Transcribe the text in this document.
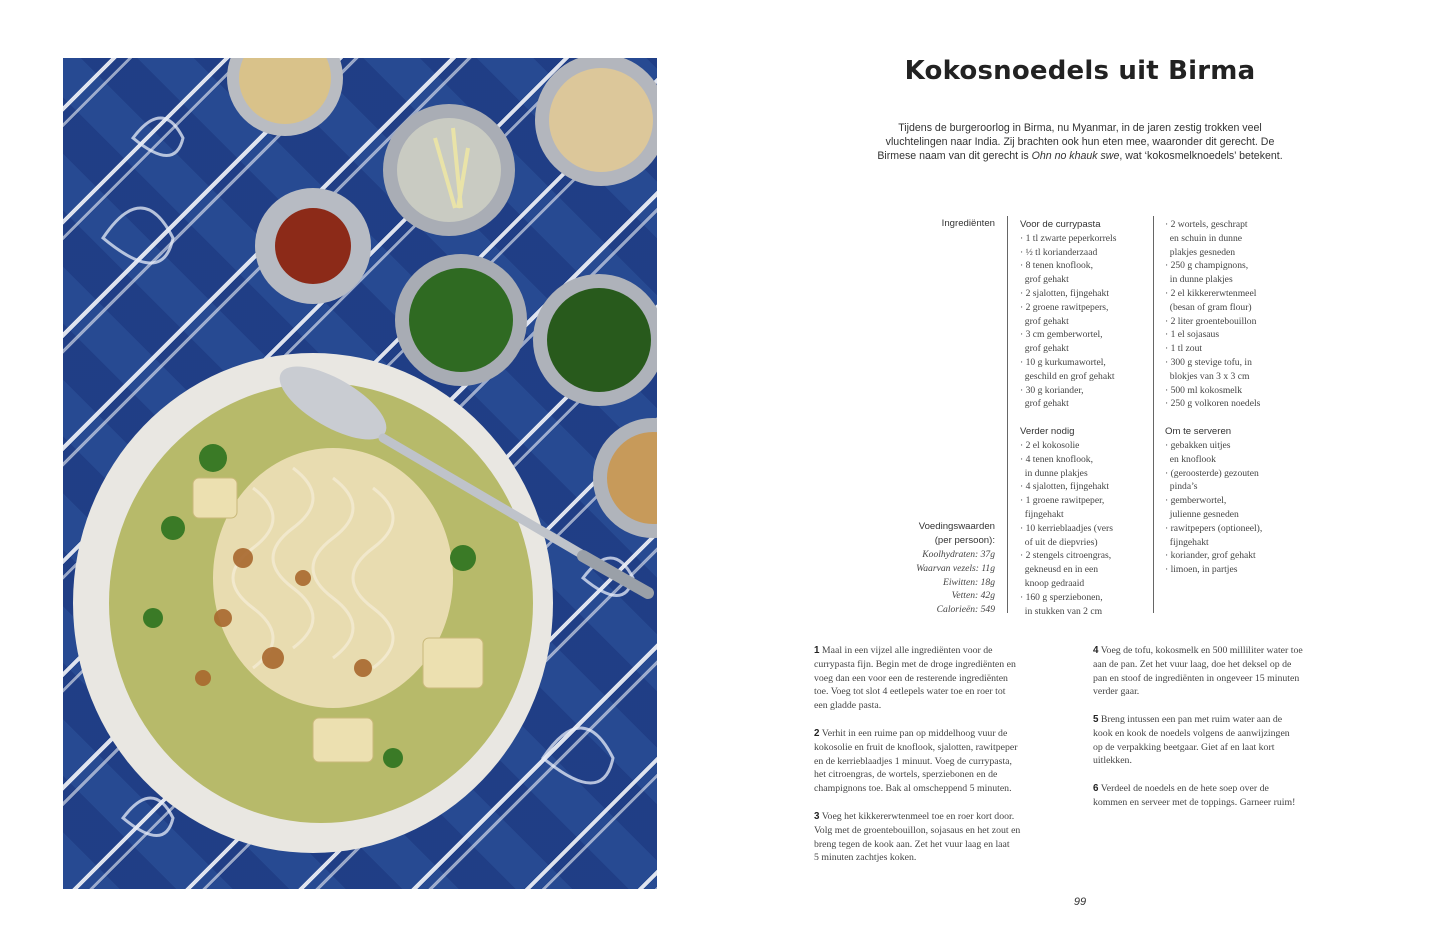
Kokosnoedels uit Birma
Tijdens de burgeroorlog in Birma, nu Myanmar, in de jaren zestig trokken veel
vluchtelingen naar India. Zij brachten ook hun eten mee, waaronder dit gerecht. De
Birmese naam van dit gerecht is Ohn no khauk swe, wat ‘kokosmelknoedels’ betekent.
Ingrediënten
Voedingswaarden
(per persoon):
Koolhydraten: 37g
Waarvan vezels: 11g
Eiwitten: 18g
Vetten: 42g
Calorieën: 549
Voor de currypasta
· 1 tl zwarte peperkorrels
· ½ tl korianderzaad
· 8 tenen knoflook,
grof gehakt
· 2 sjalotten, fijngehakt
· 2 groene rawitpepers,
grof gehakt
· 3 cm gemberwortel,
grof gehakt
· 10 g kurkumawortel,
geschild en grof gehakt
· 30 g koriander,
grof gehakt
Verder nodig
· 2 el kokosolie
· 4 tenen knoflook,
in dunne plakjes
· 4 sjalotten, fijngehakt
· 1 groene rawitpeper,
fijngehakt
· 10 kerrieblaadjes (vers
of uit de diepvries)
· 2 stengels citroengras,
gekneusd en in een
knoop gedraaid
· 160 g sperziebonen,
in stukken van 2 cm
· 2 wortels, geschrapt
en schuin in dunne
plakjes gesneden
· 250 g champignons,
in dunne plakjes
· 2 el kikkererwtenmeel
(besan of gram flour)
· 2 liter groentebouillon
· 1 el sojasaus
· 1 tl zout
· 300 g stevige tofu, in
blokjes van 3 x 3 cm
· 500 ml kokosmelk
· 250 g volkoren noedels
Om te serveren
· gebakken uitjes
en knoflook
· (geroosterde) gezouten
pinda’s
· gemberwortel,
julienne gesneden
· rawitpepers (optioneel),
fijngehakt
· koriander, grof gehakt
· limoen, in partjes
1 Maal in een vijzel alle ingrediënten voor de
currypasta fijn. Begin met de droge ingrediënten en
voeg dan een voor een de resterende ingrediënten
toe. Voeg tot slot 4 eetlepels water toe en roer tot
een gladde pasta.
2 Verhit in een ruime pan op middelhoog vuur de
kokosolie en fruit de knoflook, sjalotten, rawitpeper
en de kerrieblaadjes 1 minuut. Voeg de currypasta,
het citroengras, de wortels, sperziebonen en de
champignons toe. Bak al omscheppend 5 minuten.
3 Voeg het kikkererwtenmeel toe en roer kort door.
Volg met de groentebouillon, sojasaus en het zout en
breng tegen de kook aan. Zet het vuur laag en laat
5 minuten zachtjes koken.
4 Voeg de tofu, kokosmelk en 500 milliliter water toe
aan de pan. Zet het vuur laag, doe het deksel op de
pan en stoof de ingrediënten in ongeveer 15 minuten
verder gaar.
5 Breng intussen een pan met ruim water aan de
kook en kook de noedels volgens de aanwijzingen
op de verpakking beetgaar. Giet af en laat kort
uitlekken.
6 Verdeel de noedels en de hete soep over de
kommen en serveer met de toppings. Garneer ruim!
99
